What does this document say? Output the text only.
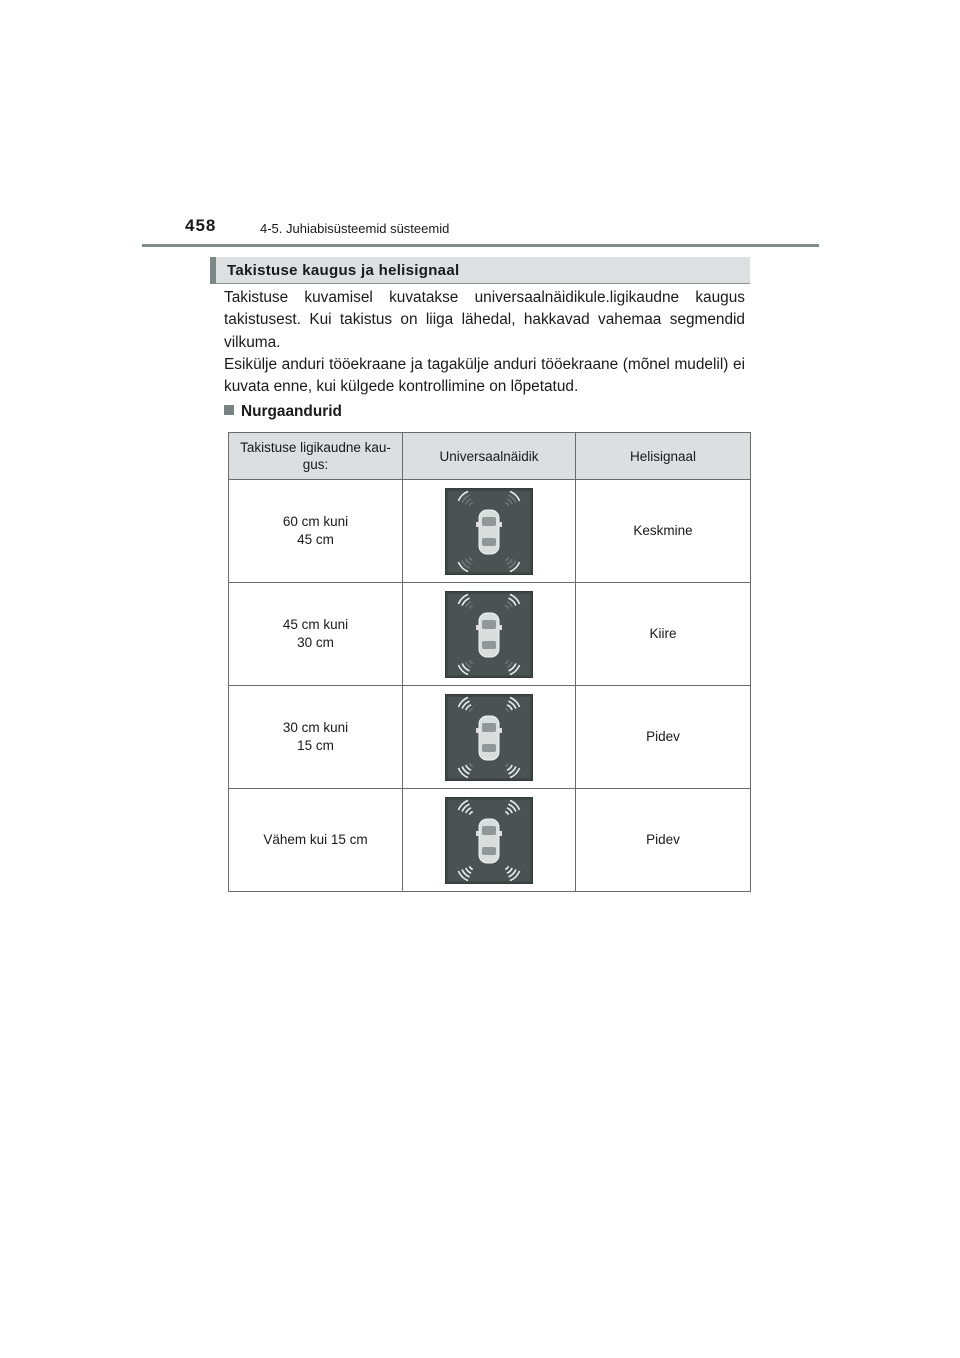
458	4-5. Juhiabisüsteemid süsteemid
Takistuse kaugus ja helisignaal
Takistuse kuvamisel kuvatakse universaalnäidikule.ligikaudne kaugus takistusest. Kui takistus on liiga lähedal, hakkavad vahemaa segmendid vilkuma.
Esikülje anduri tööekraane ja tagakülje anduri tööekraane (mõnel mudelil) ei kuvata enne, kui külgede kontrollimine on lõpetatud.
Nurgaandurid
Takistuse ligikaudne kau-gus:	Universaalnäidik	Helisignaal
60 cm kuni
45 cm		Keskmine
45 cm kuni
30 cm		Kiire
30 cm kuni
15 cm		Pidev
Vähem kui 15 cm		Pidev
